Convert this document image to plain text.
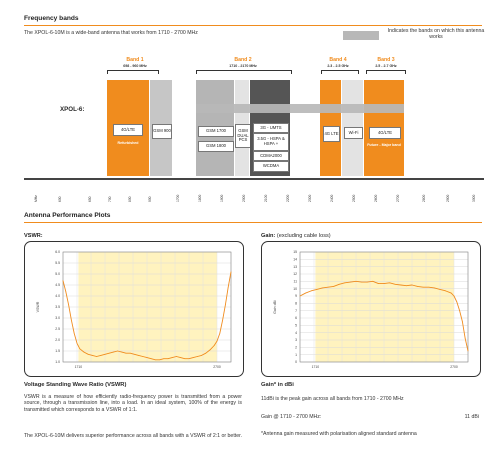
Frequency bands
The XPOL-6-10M is a wide-band antenna that works from 1710 - 2700 MHz	Indicates the bands on which this antenna works
Band 1
698 - 960 MHz
Band 2
1710 - 2170 MHz
Band 4
2.3 - 2.5 GHz
Band 3
2.5 - 2.7 GHz
XPOL-6:
4G/LTE
Refurbished
GSM 900	GSM 1700
GSM 1800
GSM DUAL PCS
3G - UMTS
3.5G - HSPA & HSPA +
CDMA2000
WCDMA
4G LTE	Wi-Fi	4G/LTE
Future - Major band
MHz	600	650	700	800	900	1700	1800	1900	2000	2100	2200	2300	2400	2500	2600	2700	2800	2900	3000
Antenna Performance Plots
VSWR:	Gain: (excluding cable loss)
1.0
1.5
2.0
2.5
3.0
3.5
4.0
4.5
5.0
5.5
6.0
1710	2700
VSWR
0
1
2
3
4
5
6
7
8
9
10
11
12
13
14
15
1710	2700
Gain dBi
Voltage Standing Wave Ratio (VSWR)
VSWR is a measure of how efficiently radio-frequency power is transmitted from a power source, through a transmission line, into a load. In an ideal system, 100% of the energy is transmitted which corresponds to a VSWR of 1:1.
The XPOL-6-10M delivers superior performance across all bands with a VSWR of 2:1 or better.
Gain* in dBi
11dBi is the peak gain across all bands from 1710 - 2700 MHz
Gain @ 1710 - 2700 MHz:	11 dBi
*Antenna gain measured with polarisation aligned standard antenna
